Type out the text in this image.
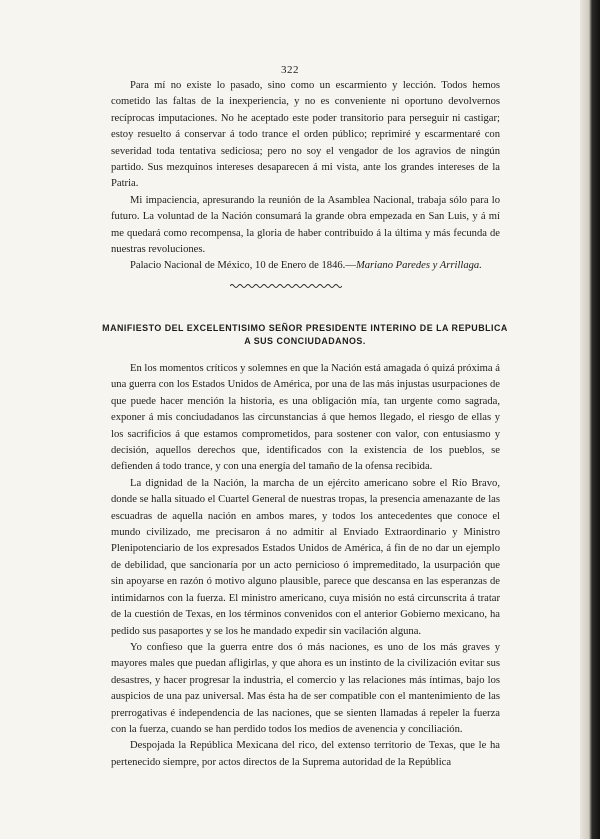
322

Para mí no existe lo pasado, sino como un escarmiento y lección. Todos hemos cometido las faltas de la inexperiencia, y no es conveniente ni oportuno devolvernos recíprocas imputaciones. No he aceptado este poder transitorio para perseguir ni castigar; estoy resuelto á conservar á todo trance el orden público; reprimiré y escarmentaré con severidad toda tentativa sediciosa; pero no soy el vengador de los agravios de ningún partido. Sus mezquinos intereses desaparecen á mi vista, ante los grandes intereses de la Patria.

Mi impaciencia, apresurando la reunión de la Asamblea Nacional, trabaja sólo para lo futuro. La voluntad de la Nación consumará la grande obra empezada en San Luis, y á mí me quedará como recompensa, la gloria de haber contribuido á la última y más fecunda de nuestras revoluciones.

Palacio Nacional de México, 10 de Enero de 1846.—Mariano Paredes y Arrillaga.

MANIFIESTO DEL EXCELENTISIMO SEÑOR PRESIDENTE INTERINO DE LA REPUBLICA
A SUS CONCIUDADANOS.

En los momentos críticos y solemnes en que la Nación está amagada ó quizá próxima á una guerra con los Estados Unidos de América, por una de las más injustas usurpaciones de que puede hacer mención la historia, es una obligación mía, tan urgente como sagrada, exponer á mis conciudadanos las circunstancias á que hemos llegado, el riesgo de ellas y los sacrificios á que estamos comprometidos, para sostener con valor, con entusiasmo y decisión, aquellos derechos que, identificados con la existencia de los pueblos, se defienden á todo trance, y con una energía del tamaño de la ofensa recibida.

La dignidad de la Nación, la marcha de un ejército americano sobre el Río Bravo, donde se halla situado el Cuartel General de nuestras tropas, la presencia amenazante de las escuadras de aquella nación en ambos mares, y todos los antecedentes que conoce el mundo civilizado, me precisaron á no admitir al Enviado Extraordinario y Ministro Plenipotenciario de los expresados Estados Unidos de América, á fin de no dar un ejemplo de debilidad, que sancionaría por un acto pernicioso ó impremeditado, la usurpación que sin apoyarse en razón ó motivo alguno plausible, parece que descansa en las esperanzas de intimidarnos con la fuerza. El ministro americano, cuya misión no está circunscrita á tratar de la cuestión de Texas, en los términos convenidos con el anterior Gobierno mexicano, ha pedido sus pasaportes y se los he mandado expedir sin vacilación alguna.

Yo confieso que la guerra entre dos ó más naciones, es uno de los más graves y mayores males que puedan afligirlas, y que ahora es un instinto de la civilización evitar sus desastres, y hacer progresar la industria, el comercio y las relaciones más íntimas, bajo los auspicios de una paz universal. Mas ésta ha de ser compatible con el mantenimiento de las prerrogativas é independencia de las naciones, que se sienten llamadas á repeler la fuerza con la fuerza, cuando se han perdido todos los medios de avenencia y conciliación.

Despojada la República Mexicana del rico, del extenso territorio de Texas, que le ha pertenecido siempre, por actos directos de la Suprema autoridad de la República
